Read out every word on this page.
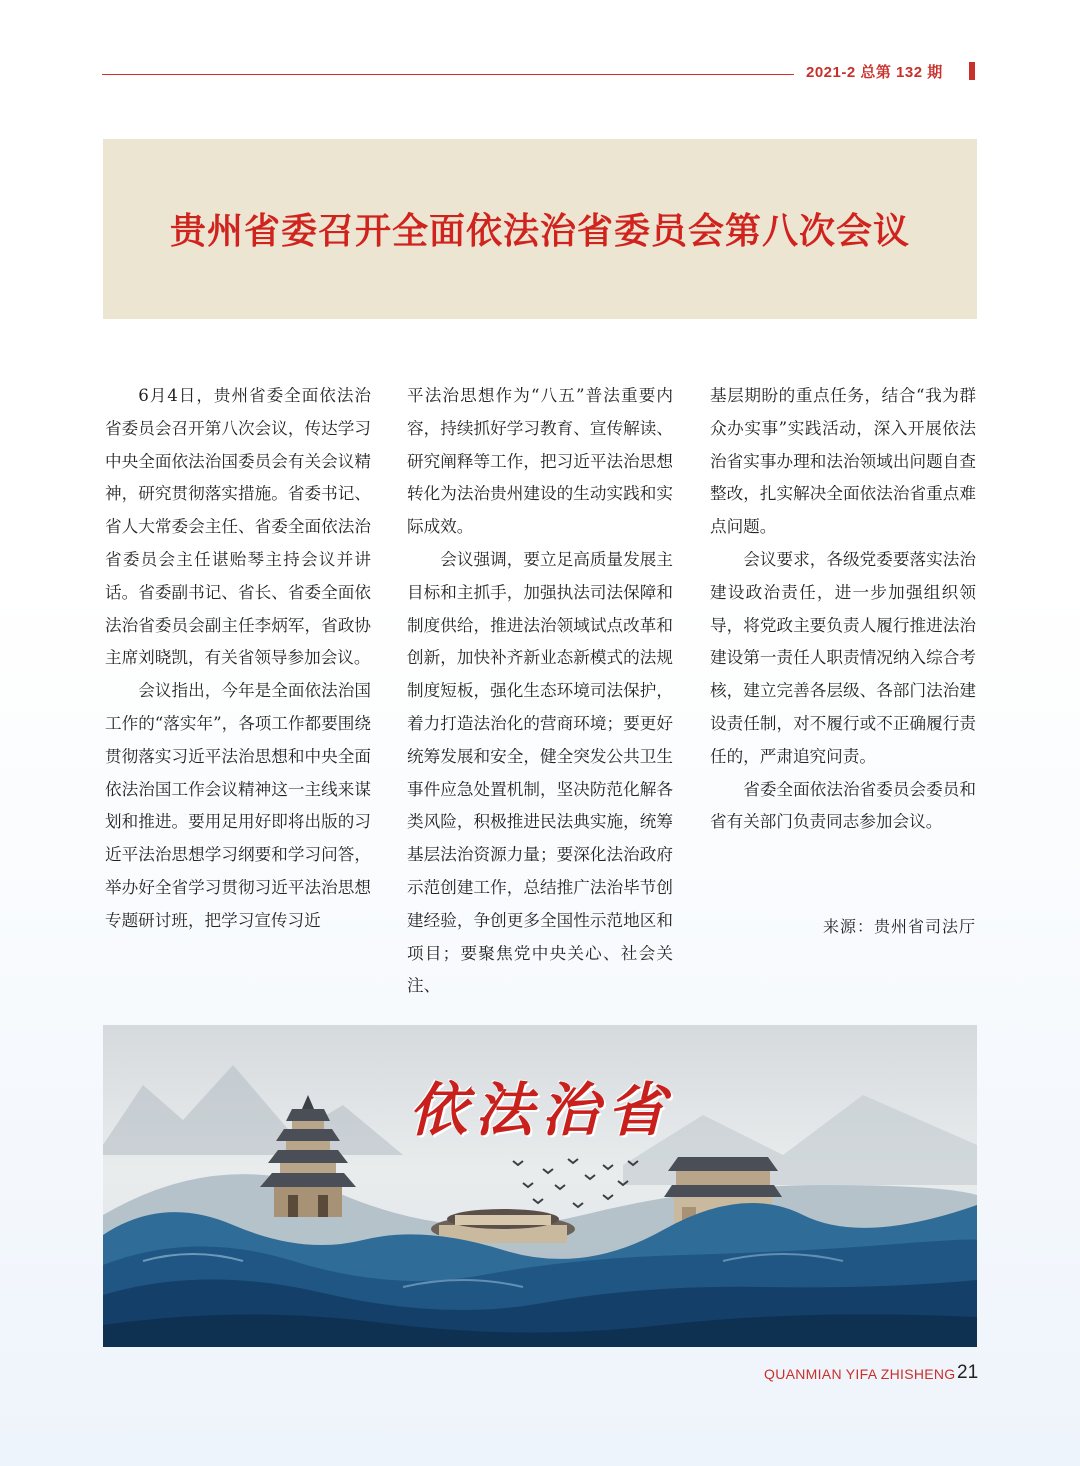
2021-2 总第 132 期
贵州省委召开全面依法治省委员会第八次会议

6月4日，贵州省委全面依法治省委员会召开第八次会议，传达学习中央全面依法治国委员会有关会议精神，研究贯彻落实措施。省委书记、省人大常委会主任、省委全面依法治省委员会主任谌贻琴主持会议并讲话。省委副书记、省长、省委全面依法治省委员会副主任李炳军，省政协主席刘晓凯，有关省领导参加会议。

会议指出，今年是全面依法治国工作的“落实年”，各项工作都要围绕贯彻落实习近平法治思想和中央全面依法治国工作会议精神这一主线来谋划和推进。要用足用好即将出版的习近平法治思想学习纲要和学习问答，举办好全省学习贯彻习近平法治思想专题研讨班，把学习宣传习近

平法治思想作为“八五”普法重要内容，持续抓好学习教育、宣传解读、研究阐释等工作，把习近平法治思想转化为法治贵州建设的生动实践和实际成效。

会议强调，要立足高质量发展主目标和主抓手，加强执法司法保障和制度供给，推进法治领域试点改革和创新，加快补齐新业态新模式的法规制度短板，强化生态环境司法保护，着力打造法治化的营商环境；要更好统筹发展和安全，健全突发公共卫生事件应急处置机制，坚决防范化解各类风险，积极推进民法典实施，统筹基层法治资源力量；要深化法治政府示范创建工作，总结推广法治毕节创建经验，争创更多全国性示范地区和项目；要聚焦党中央关心、社会关注、

基层期盼的重点任务，结合“我为群众办实事”实践活动，深入开展依法治省实事办理和法治领域出问题自查整改，扎实解决全面依法治省重点难点问题。

会议要求，各级党委要落实法治建设政治责任，进一步加强组织领导，将党政主要负责人履行推进法治建设第一责任人职责情况纳入综合考核，建立完善各层级、各部门法治建设责任制，对不履行或不正确履行责任的，严肃追究问责。

省委全面依法治省委员会委员和省有关部门负责同志参加会议。

来源：贵州省司法厅
依法治省
QUANMIAN YIFA ZHISHENG 21
